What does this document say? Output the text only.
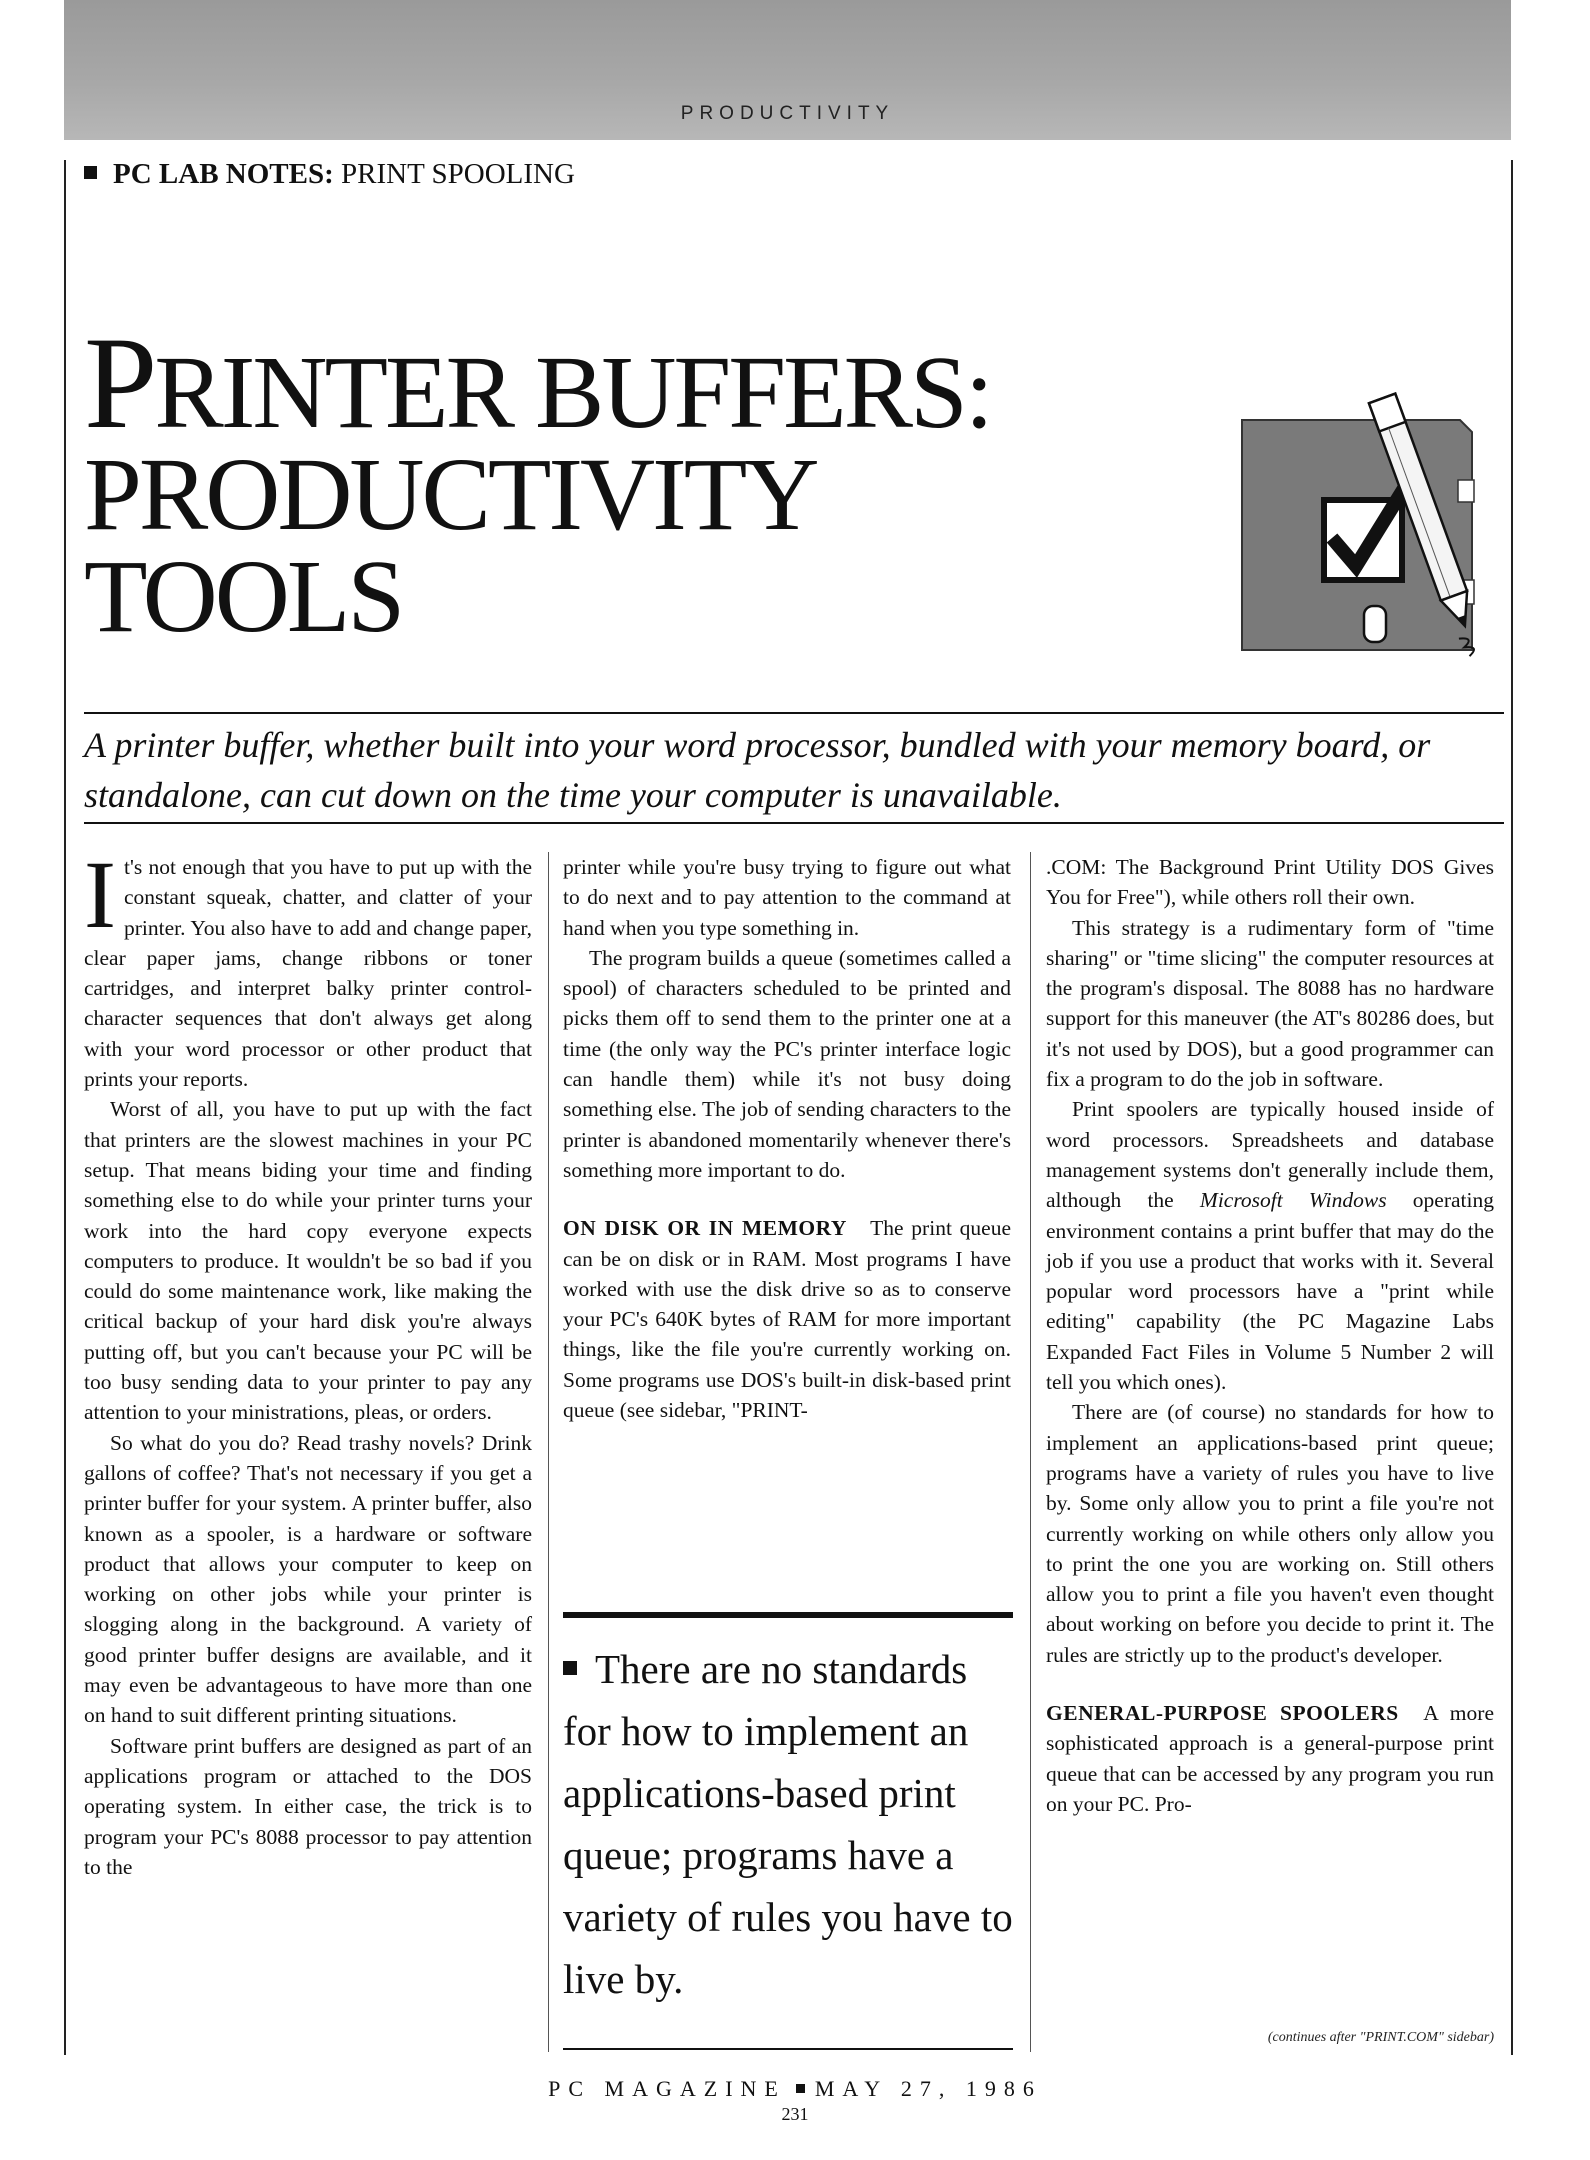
PRODUCTIVITY
PC LAB NOTES: PRINT SPOOLING
PRINTER BUFFERS:
PRODUCTIVITY
TOOLS
A printer buffer, whether built into your word processor, bundled with your memory board, or standalone, can cut down on the time your computer is unavailable.

It's not enough that you have to put up with the constant squeak, chatter, and clatter of your printer. You also have to add and change paper, clear paper jams, change ribbons or toner cartridges, and interpret balky printer control-character sequences that don't always get along with your word processor or other product that prints your reports.

Worst of all, you have to put up with the fact that printers are the slowest machines in your PC setup. That means biding your time and finding something else to do while your printer turns your work into the hard copy everyone expects computers to produce. It wouldn't be so bad if you could do some maintenance work, like making the critical backup of your hard disk you're always putting off, but you can't because your PC will be too busy sending data to your printer to pay any attention to your ministrations, pleas, or orders.

So what do you do? Read trashy novels? Drink gallons of coffee? That's not necessary if you get a printer buffer for your system. A printer buffer, also known as a spooler, is a hardware or software product that allows your computer to keep on working on other jobs while your printer is slogging along in the background. A variety of good printer buffer designs are available, and it may even be advantageous to have more than one on hand to suit different printing situations.

Software print buffers are designed as part of an applications program or attached to the DOS operating system. In either case, the trick is to program your PC's 8088 processor to pay attention to the

printer while you're busy trying to figure out what to do next and to pay attention to the command at hand when you type something in.

The program builds a queue (sometimes called a spool) of characters scheduled to be printed and picks them off to send them to the printer one at a time (the only way the PC's printer interface logic can handle them) while it's not busy doing something else. The job of sending characters to the printer is abandoned momentarily whenever there's something more important to do.

ON DISK OR IN MEMORY The print queue can be on disk or in RAM. Most programs I have worked with use the disk drive so as to conserve your PC's 640K bytes of RAM for more important things, like the file you're currently working on. Some programs use DOS's built-in disk-based print queue (see sidebar, "PRINT-

There are no standards for how to implement an applications-based print queue; programs have a variety of rules you have to live by.

.COM: The Background Print Utility DOS Gives You for Free"), while others roll their own.

This strategy is a rudimentary form of "time sharing" or "time slicing" the computer resources at the program's disposal. The 8088 has no hardware support for this maneuver (the AT's 80286 does, but it's not used by DOS), but a good programmer can fix a program to do the job in software.

Print spoolers are typically housed inside of word processors. Spreadsheets and database management systems don't generally include them, although the Microsoft Windows operating environment contains a print buffer that may do the job if you use a product that works with it. Several popular word processors have a "print while editing" capability (the PC Magazine Labs Expanded Fact Files in Volume 5 Number 2 will tell you which ones).

There are (of course) no standards for how to implement an applications-based print queue; programs have a variety of rules you have to live by. Some only allow you to print a file you're not currently working on while others only allow you to print the one you are working on. Still others allow you to print a file you haven't even thought about working on before you decide to print it. The rules are strictly up to the product's developer.

GENERAL-PURPOSE SPOOLERS A more sophisticated approach is a general-purpose print queue that can be accessed by any program you run on your PC. Pro-

(continues after "PRINT.COM" sidebar)
PC MAGAZINE MAY 27, 1986
231
